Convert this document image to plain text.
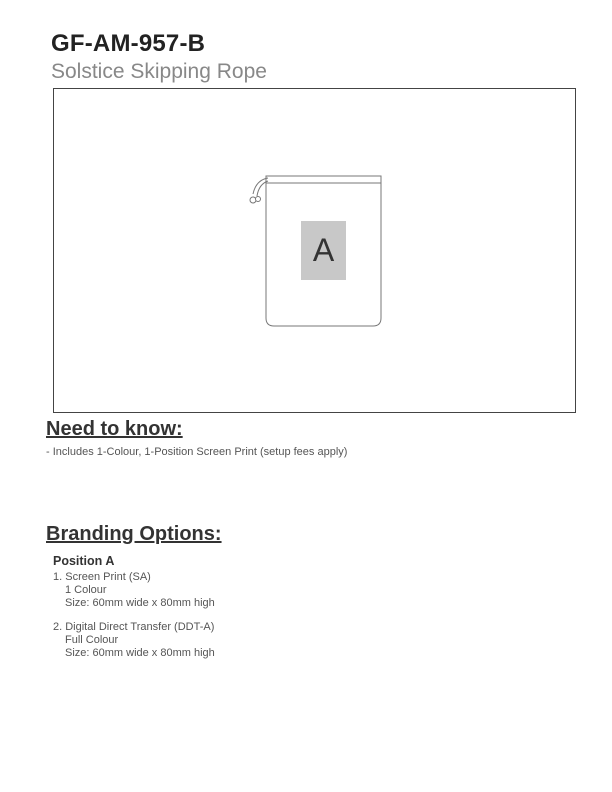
GF-AM-957-B
Solstice Skipping Rope
A
Need to know:
- Includes 1-Colour, 1-Position Screen Print (setup fees apply)
Branding Options:
Position A
1. Screen Print (SA)
1 Colour
Size: 60mm wide x 80mm high
2. Digital Direct Transfer (DDT-A)
Full Colour
Size: 60mm wide x 80mm high
